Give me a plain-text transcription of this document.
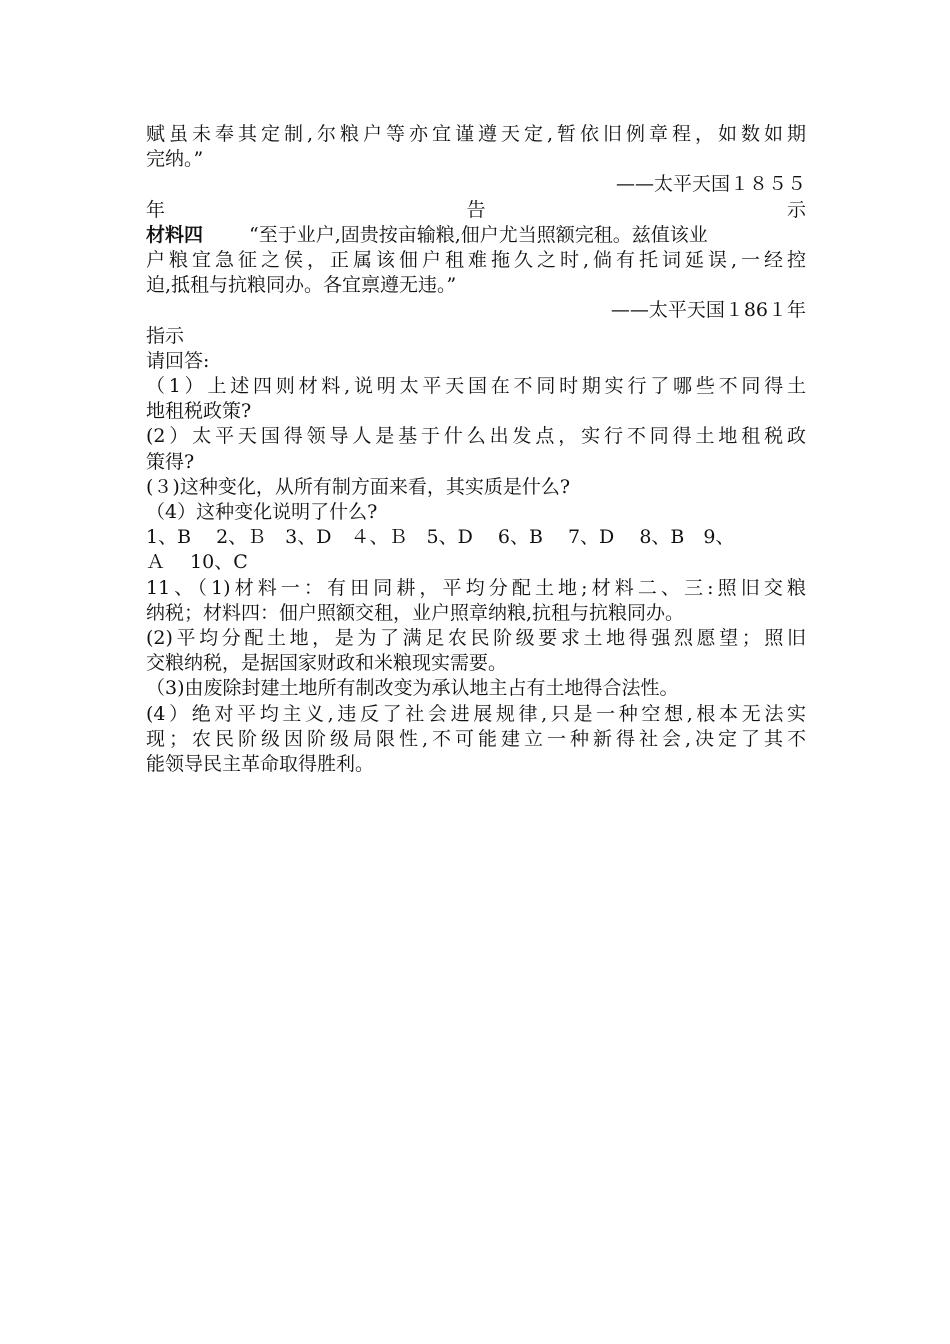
赋虽未奉其定制,尔粮户等亦宜谨遵天定,暂依旧例章程，如数如期
完纳。”
——太平天国１８５５
年	告	示
材料四 “至于业户,固贵按亩输粮,佃户尤当照额完租。兹值该业
户粮宜急征之侯，正属该佃户租难拖久之时,倘有托词延误,一经控
迫,抵租与抗粮同办。各宜禀遵无违。”
——太平天国１86１年
指示
请回答:
（1）上述四则材料,说明太平天国在不同时期实行了哪些不同得土
地租税政策?
(2）太平天国得领导人是基于什么出发点，实行不同得土地租税政
策得?
(３)这种变化，从所有制方面来看，其实质是什么?
（4）这种变化说明了什么?
1、B　 2、Ｂ　3、D　４、Ｂ　5、D　 6、B　 7、D　 8、B　9、
Ａ　 10、C
11、（1)材料一：有田同耕，平均分配土地;材料二、三:照旧交粮
纳税；材料四：佃户照额交租，业户照章纳粮,抗租与抗粮同办。
(2)平均分配土地，是为了满足农民阶级要求土地得强烈愿望；照旧
交粮纳税，是据国家财政和米粮现实需要。
（3)由废除封建土地所有制改变为承认地主占有土地得合法性。
(4）绝对平均主义,违反了社会进展规律,只是一种空想,根本无法实
现；农民阶级因阶级局限性,不可能建立一种新得社会,决定了其不
能领导民主革命取得胜利。
